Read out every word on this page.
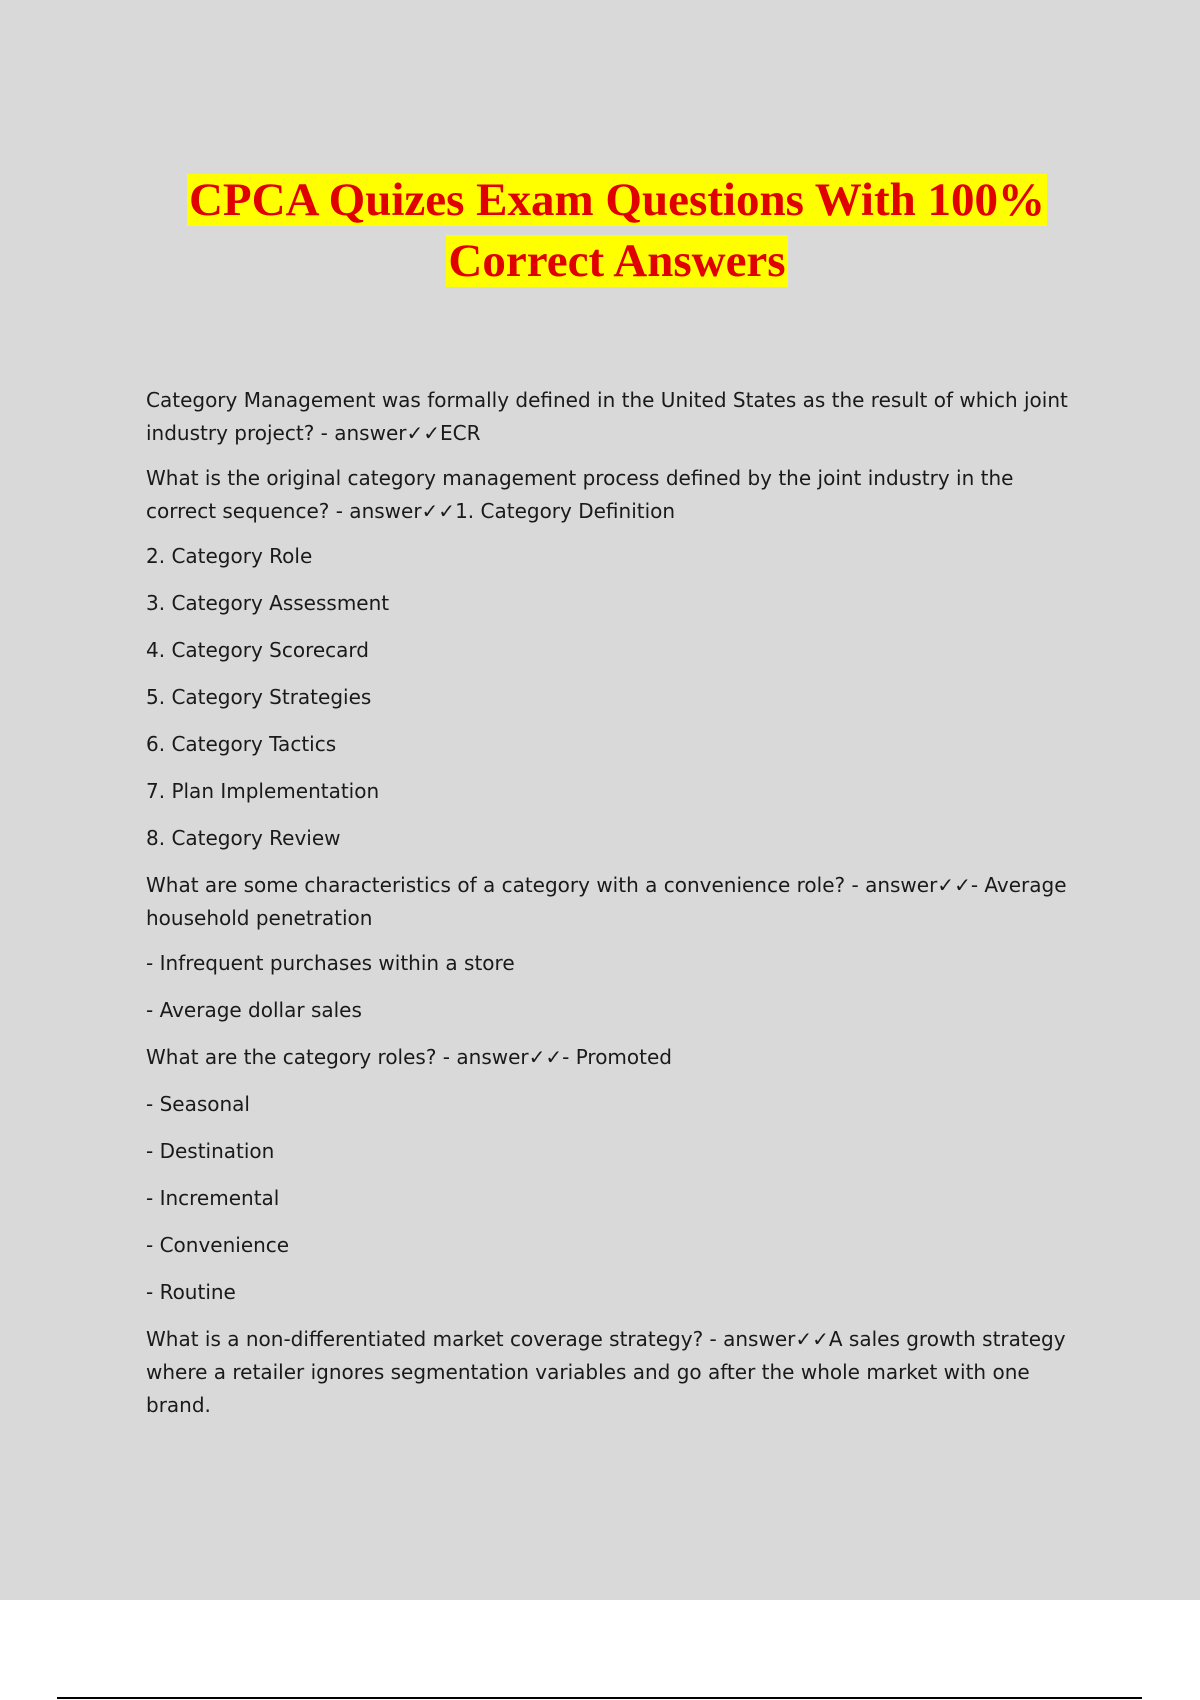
CPCA Quizes Exam Questions With 100%
Correct Answers

Category Management was formally defined in the United States as the result of which joint industry project? - answer✓✓ECR

What is the original category management process defined by the joint industry in the correct sequence? - answer✓✓1. Category Definition

2. Category Role

3. Category Assessment

4. Category Scorecard

5. Category Strategies

6. Category Tactics

7. Plan Implementation

8. Category Review

What are some characteristics of a category with a convenience role? - answer✓✓- Average household penetration

- Infrequent purchases within a store

- Average dollar sales

What are the category roles? - answer✓✓- Promoted

- Seasonal

- Destination

- Incremental

- Convenience

- Routine

What is a non-differentiated market coverage strategy? - answer✓✓A sales growth strategy where a retailer ignores segmentation variables and go after the whole market with one brand.
